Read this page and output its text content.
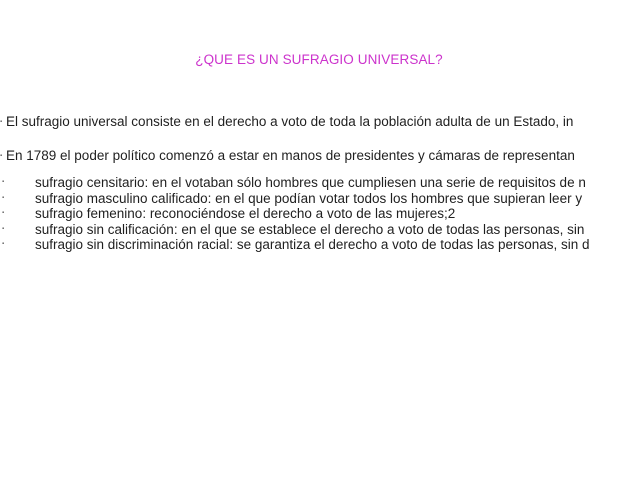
¿QUE ES UN SUFRAGIO UNIVERSAL?
▪ El sufragio universal consiste en el derecho a voto de toda la población adulta de un Estado, in
▪ En 1789 el poder político comenzó a estar en manos de presidentes y cámaras de representan
▪ sufragio censitario: en el votaban sólo hombres que cumpliesen una serie de requisitos de n
▪ sufragio masculino calificado: en el que podían votar todos los hombres que supieran leer y
▪ sufragio femenino: reconociéndose el derecho a voto de las mujeres;2
▪ sufragio sin calificación: en el que se establece el derecho a voto de todas las personas, sin
▪ sufragio sin discriminación racial: se garantiza el derecho a voto de todas las personas, sin d
